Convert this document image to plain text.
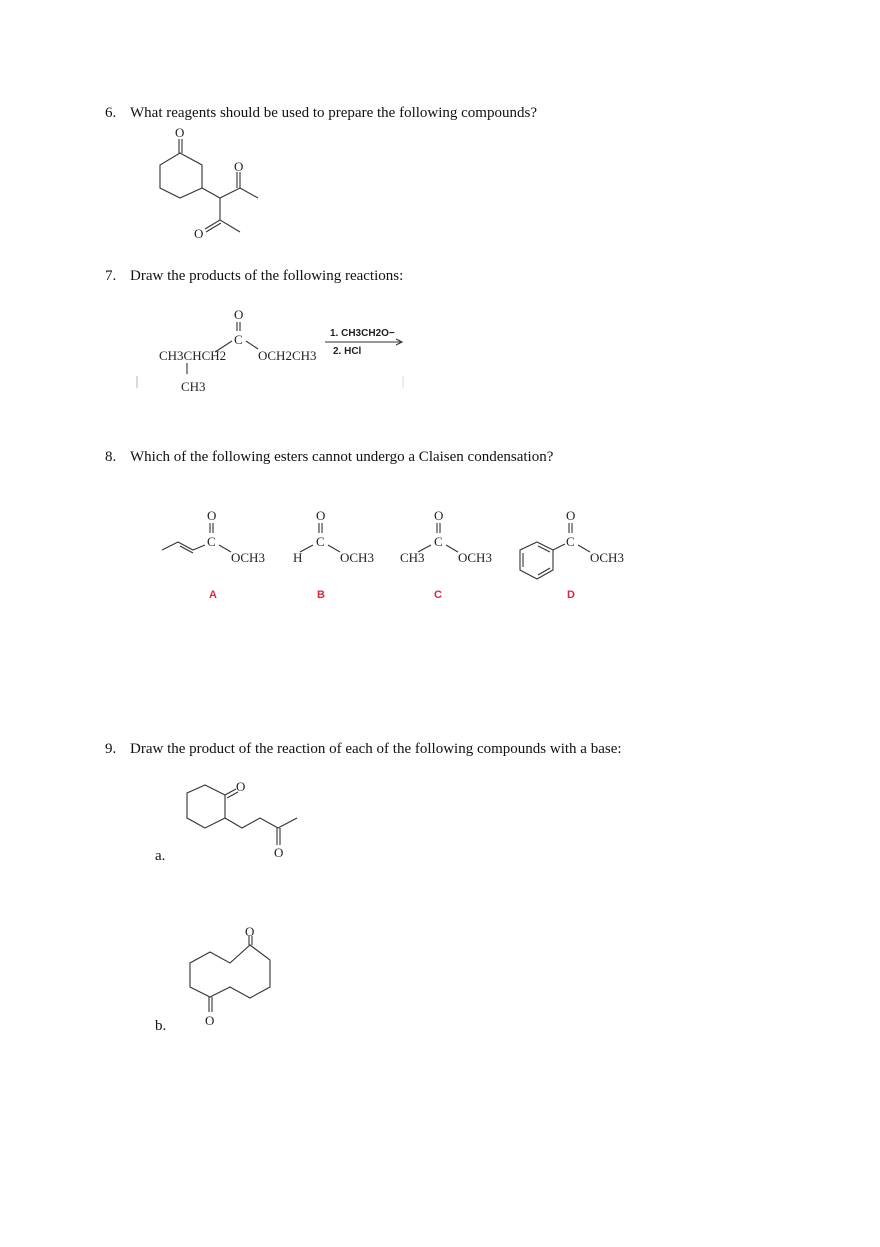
6. What reagents should be used to prepare the following compounds?
7. Draw the products of the following reactions:
8. Which of the following esters cannot undergo a Claisen condensation?
9. Draw the product of the reaction of each of the following compounds with a base:
a.
b.
O
O
O
O
C
CH3CHCH2 OCH2CH3
CH3
1. CH3CH2O−
2. HCl
O
C
OCH3
A
O
C
H	OCH3
B
O
C
CH3	OCH3
C
O
C
OCH3
D
O
O
O
O
